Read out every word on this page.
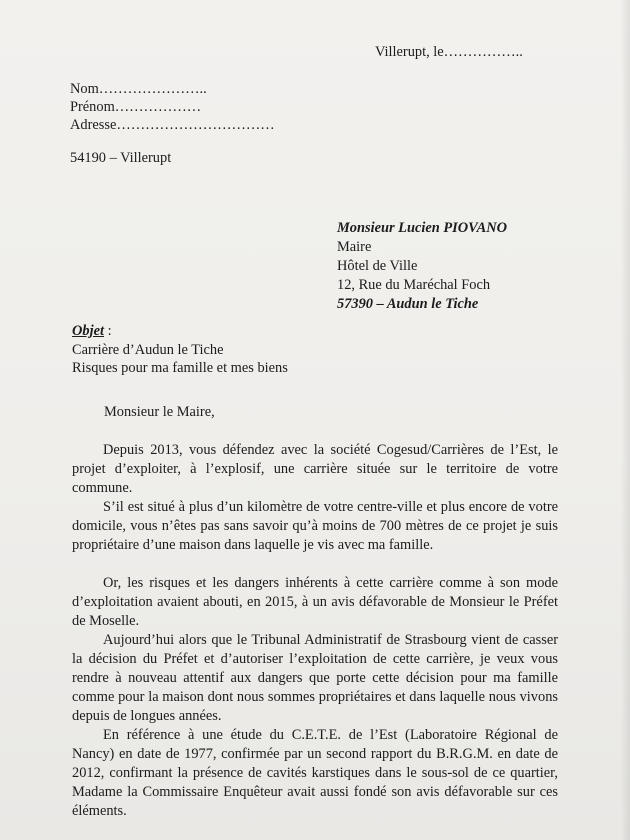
Villerupt, le……………..
Nom…………………..
Prénom………………
Adresse……………………………
54190 – Villerupt
Monsieur Lucien PIOVANO
Maire
Hôtel de Ville
12, Rue du Maréchal Foch
57390 – Audun le Tiche
Objet :
Carrière d’Audun le Tiche
Risques pour ma famille et mes biens
Monsieur le Maire,

Depuis 2013, vous défendez avec la société Cogesud/Carrières de l’Est, le projet d’exploiter, à l’explosif, une carrière située sur le territoire de votre commune.

S’il est situé à plus d’un kilomètre de votre centre-ville et plus encore de votre domicile, vous n’êtes pas sans savoir qu’à moins de 700 mètres de ce projet je suis propriétaire d’une maison dans laquelle je vis avec ma famille.

Or, les risques et les dangers inhérents à cette carrière comme à son mode d’exploitation avaient abouti, en 2015, à un avis défavorable de Monsieur le Préfet de Moselle.

Aujourd’hui alors que le Tribunal Administratif de Strasbourg vient de casser la décision du Préfet et d’autoriser l’exploitation de cette carrière, je veux vous rendre à nouveau attentif aux dangers que porte cette décision pour ma famille comme pour la maison dont nous sommes propriétaires et dans laquelle nous vivons depuis de longues années.

En référence à une étude du C.E.T.E. de l’Est (Laboratoire Régional de Nancy) en date de 1977, confirmée par un second rapport du B.R.G.M. en date de 2012, confirmant la présence de cavités karstiques dans le sous-sol de ce quartier, Madame la Commissaire Enquêteur avait aussi fondé son avis défavorable sur ces éléments.
